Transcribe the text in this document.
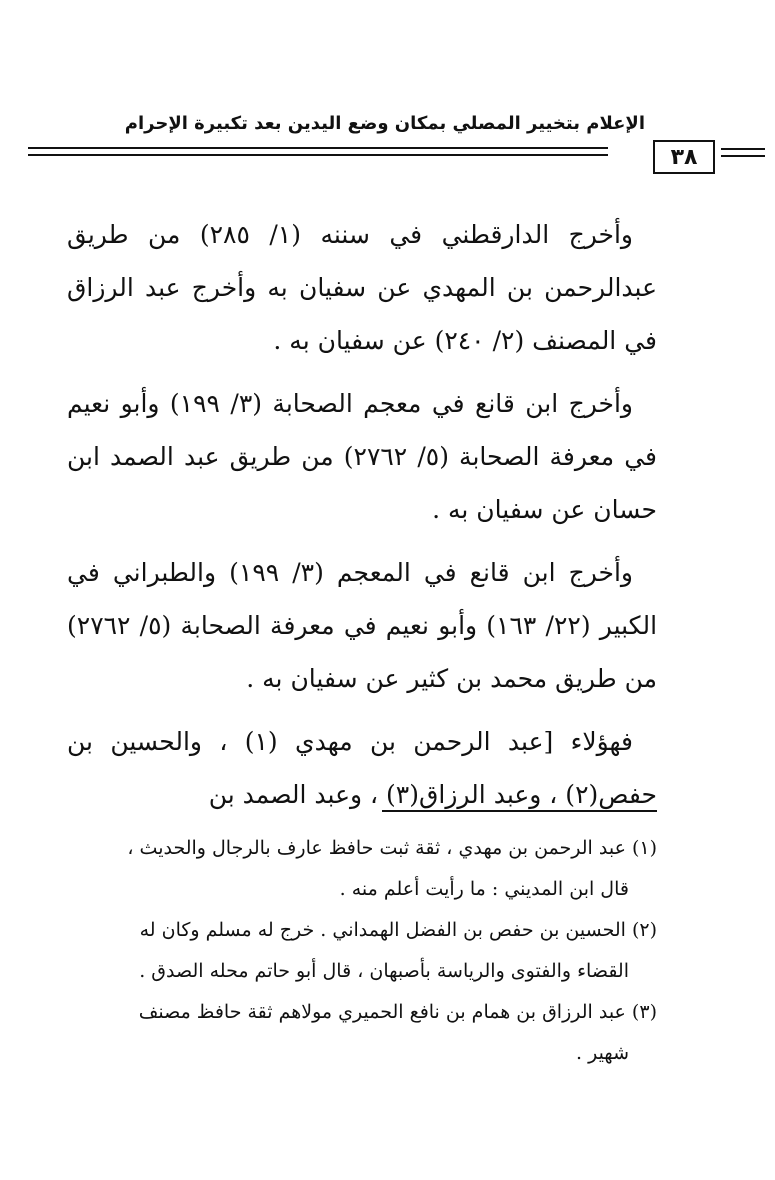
الإعلام بتخيير المصلي بمكان وضع اليدين بعد تكبيرة الإحرام
٣٨

وأخرج الدارقطني في سننه (١/ ٢٨٥) من طريق عبدالرحمن بن المهدي عن سفيان به وأخرج عبد الرزاق في المصنف (٢/ ٢٤٠) عن سفيان به .

وأخرج ابن قانع في معجم الصحابة (٣/ ١٩٩) وأبو نعيم في معرفة الصحابة (٥/ ٢٧٦٢) من طريق عبد الصمد ابن حسان عن سفيان به .

وأخرج ابن قانع في المعجم (٣/ ١٩٩) والطبراني في الكبير (٢٢/ ١٦٣) وأبو نعيم في معرفة الصحابة (٥/ ٢٧٦٢) من طريق محمد بن كثير عن سفيان به .

فهؤلاء [عبد الرحمن بن مهدي (١) ، والحسين بن حفص(٢) ، وعبد الرزاق(٣) ، وعبد الصمد بن

(١) عبد الرحمن بن مهدي ، ثقة ثبت حافظ عارف بالرجال والحديث ،

قال ابن المديني : ما رأيت أعلم منه .

(٢) الحسين بن حفص بن الفضل الهمداني . خرج له مسلم وكان له

القضاء والفتوى والرياسة بأصبهان ، قال أبو حاتم محله الصدق .

(٣) عبد الرزاق بن همام بن نافع الحميري مولاهم ثقة حافظ مصنف

شهير .
